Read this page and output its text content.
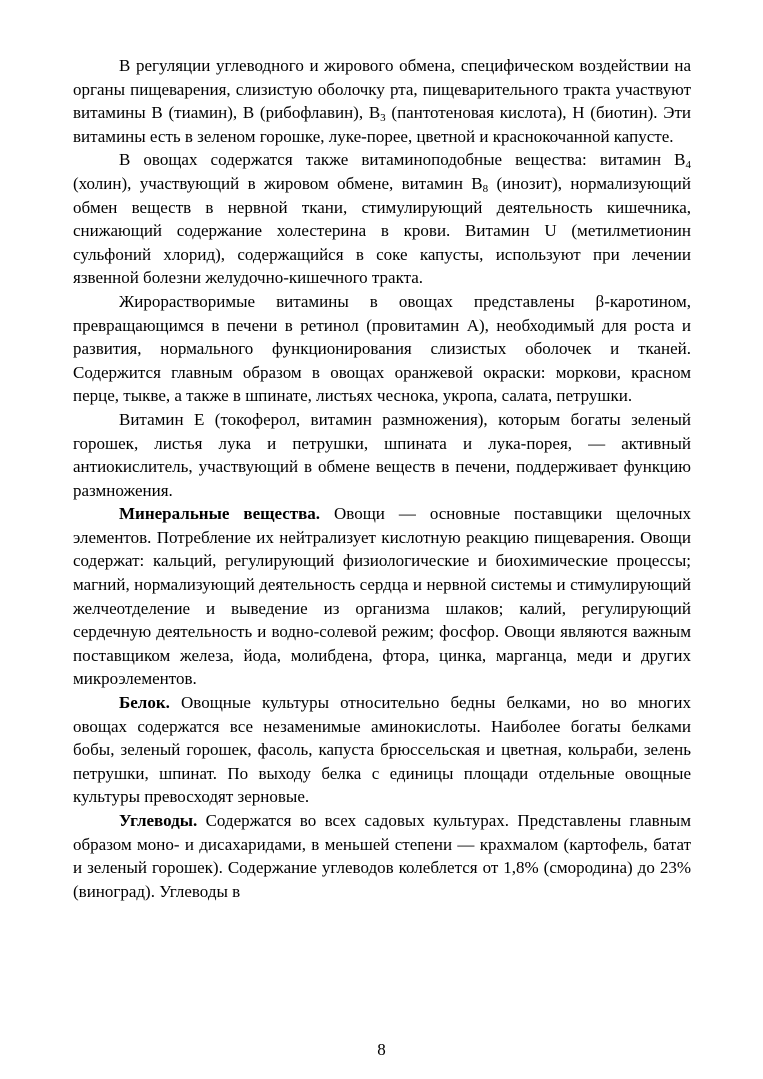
В регуляции углеводного и жирового обмена, специфическом воздействии на органы пищеварения, слизистую оболочку рта, пищеварительного тракта участвуют витамины B (тиамин), B (рибофлавин), $B_3$ (пантотеновая кислота), H (биотин). Эти витамины есть в зеленом горошке, луке-порее, цветной и краснокочанной капусте.

В овощах содержатся также витаминоподобные вещества: витамин $B_4$ (холин), участвующий в жировом обмене, витамин $B_8$ (инозит), нормализующий обмен веществ в нервной ткани, стимулирующий деятельность кишечника, снижающий содержание холестерина в крови. Витамин U (метилметионин сульфоний хлорид), содержащийся в соке капусты, используют при лечении язвенной болезни желудочно-кишечного тракта.

Жирорастворимые витамины в овощах представлены β-каротином, превращающимся в печени в ретинол (провитамин A), необходимый для роста и развития, нормального функционирования слизистых оболочек и тканей. Содержится главным образом в овощах оранжевой окраски: моркови, красном перце, тыкве, а также в шпинате, листьях чеснока, укропа, салата, петрушки.

Витамин E (токоферол, витамин размножения), которым богаты зеленый горошек, листья лука и петрушки, шпината и лука-порея, — активный антиокислитель, участвующий в обмене веществ в печени, поддерживает функцию размножения.

Минеральные вещества. Овощи — основные поставщики щелочных элементов. Потребление их нейтрализует кислотную реакцию пищеварения. Овощи содержат: кальций, регулирующий физиологические и биохимические процессы; магний, нормализующий деятельность сердца и нервной системы и стимулирующий желчеотделение и выведение из организма шлаков; калий, регулирующий сердечную деятельность и водно-солевой режим; фосфор. Овощи являются важным поставщиком железа, йода, молибдена, фтора, цинка, марганца, меди и других микроэлементов.

Белок. Овощные культуры относительно бедны белками, но во многих овощах содержатся все незаменимые аминокислоты. Наиболее богаты белками бобы, зеленый горошек, фасоль, капуста брюссельская и цветная, кольраби, зелень петрушки, шпинат. По выходу белка с единицы площади отдельные овощные культуры превосходят зерновые.

Углеводы. Содержатся во всех садовых культурах. Представлены главным образом моно- и дисахаридами, в меньшей степени — крахмалом (картофель, батат и зеленый горошек). Содержание углеводов колеблется от 1,8% (смородина) до 23% (виноград). Углеводы в

8
